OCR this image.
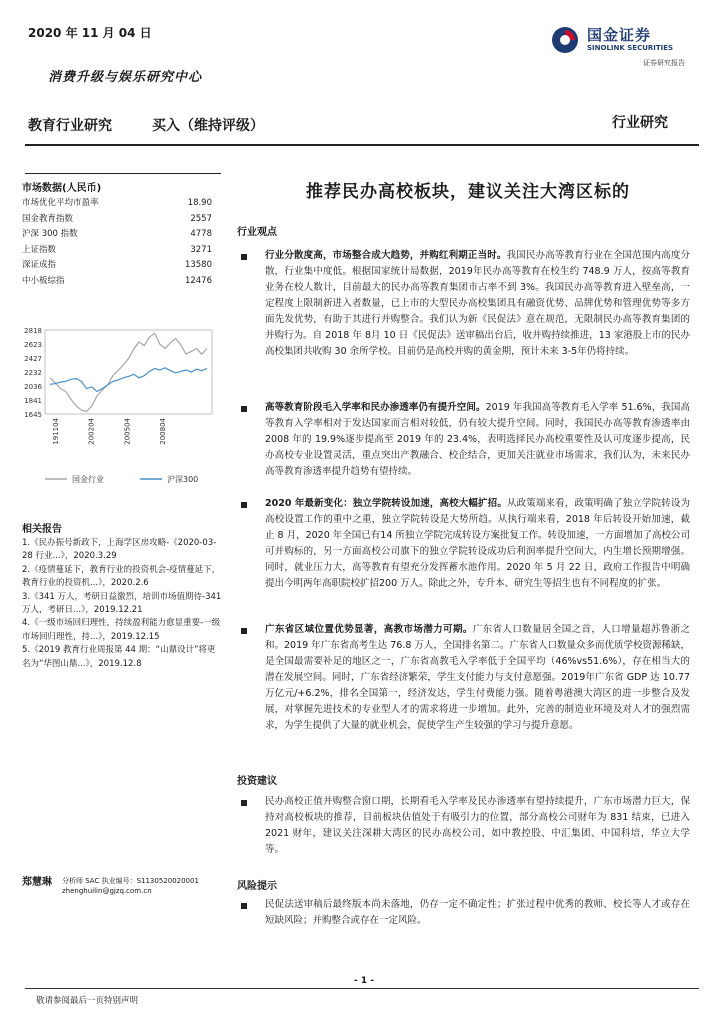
2020 年 11 月 04 日
消费升级与娱乐研究中心
国金证券
SINOLINK SECURITIES
证券研究报告
教育行业研究	买入（维持评级）	行业研究
市场数据(人民币)
市场优化平均市盈率	18.90
国金教育指数	2557
沪深 300 指数	4778
上证指数	3271
深证成指	13580
中小板综指	12476
2818
2623
2427
2232
2036
1841
1645
191104	200204	200504	200804
国金行业	沪深300
相关报告
1.《民办振号新政下，上海学区房攻略-《2020-03-28 行业...》，2020.3.29
2.《疫情蔓延下，教育行业的投资机会-疫情蔓延下，教育行业的投资机...》，2020.2.6
3.《341 万人，考研日益激烈，培训市场值期待-341 万人，考研日...》，2019.12.21
4.《一级市场回归理性，持续盈利能力愈显重要-一级市场回归理性，持...》，2019.12.15
5.《2019 教育行业周报第 44 期：“山鼎设计”将更名为“华图山鼎...》，2019.12.8
郑慧琳 分析师 SAC 执业编号：S1130520020001
zhenghuilin@gjzq.com.cn
推荐民办高校板块，建议关注大湾区标的
行业观点
行业分散度高，市场整合成大趋势，并购红利期正当时。我国民办高等教育行业在全国范围内高度分散，行业集中度低。根据国家统计局数据，2019年民办高等教育在校生约 748.9 万人，按高等教育业务在校人数计，目前最大的民办高等教育集团市占率不到 3%。我国民办高等教育进入壁垒高，一定程度上限制新进入者数量，已上市的大型民办高校集团具有融资优势、品牌优势和管理优势等多方面先发优势，有助于其进行并购整合。我们认为新《民促法》意在规范，无限制民办高等教育集团的并购行为。自 2018 年 8月 10 日《民促法》送审稿出台后，收并购持续推进，13 家港股上市的民办高校集团共收购 30 余所学校。目前仍是高校并购的黄金期，预计未来 3-5年仍将持续。
高等教育阶段毛入学率和民办渗透率仍有提升空间。2019 年我国高等教育毛入学率 51.6%，我国高等教育入学率相对于发达国家而言相对较低，仍有较大提升空间。同时，我国民办高等教育渗透率由 2008 年的 19.9%逐步提高至 2019 年的 23.4%，表明选择民办高校重要性及认可度逐步提高，民办高校专业设置灵活，重点突出产教融合、校企结合，更加关注就业市场需求，我们认为，未来民办高等教育渗透率提升趋势有望持续。
2020 年最新变化：独立学院转设加速，高校大幅扩招。从政策端来看，政策明确了独立学院转设为高校设置工作的重中之重，独立学院转设是大势所趋。从执行端来看，2018 年后转设开始加速，截止 8 月，2020 年全国已有14 所独立学院完成转设方案批复工作。转设加速，一方面增加了高校公司可并购标的，另一方面高校公司旗下的独立学院转设成功后利润率提升空间大，内生增长预期增强。同时，就业压力大，高等教育有望充分发挥蓄水池作用。2020 年 5 月 22 日，政府工作报告中明确提出今明两年高职院校扩招200 万人。除此之外，专升本、研究生等招生也有不同程度的扩张。
广东省区域位置优势显著，高教市场潜力可期。广东省人口数量居全国之首，人口增量超苏鲁浙之和。2019 年广东省高考生达 76.8 万人，全国排名第二。广东省人口数量众多而优质学校资源稀缺，是全国最需要补足的地区之一，广东省高教毛入学率低于全国平均（46%vs51.6%），存在相当大的潜在发展空间。同时，广东省经济繁荣，学生支付能力与支付意愿强。2019年广东省 GDP 达 10.77 万亿元/+6.2%，排名全国第一，经济发达，学生付费能力强。随着粤港澳大湾区的进一步整合及发展，对掌握先进技术的专业型人才的需求将进一步增加。此外，完善的制造业环境及对人才的强烈需求，为学生提供了大量的就业机会，促使学生产生较强的学习与提升意愿。
投资建议
民办高校正值并购整合窗口期，长期看毛入学率及民办渗透率有望持续提升，广东市场潜力巨大，保持对高校板块的推荐，目前板块估值处于有吸引力的位置，部分高校公司财年为 831 结束，已进入 2021 财年，建议关注深耕大湾区的民办高校公司，如中教控股、中汇集团、中国科培，华立大学等。
风险提示
民促法送审稿后最终版本尚未落地，仍存一定不确定性；扩张过程中优秀的教师、校长等人才或存在短缺风险；并购整合或存在一定风险。
- 1 -
敬请参阅最后一页特别声明
